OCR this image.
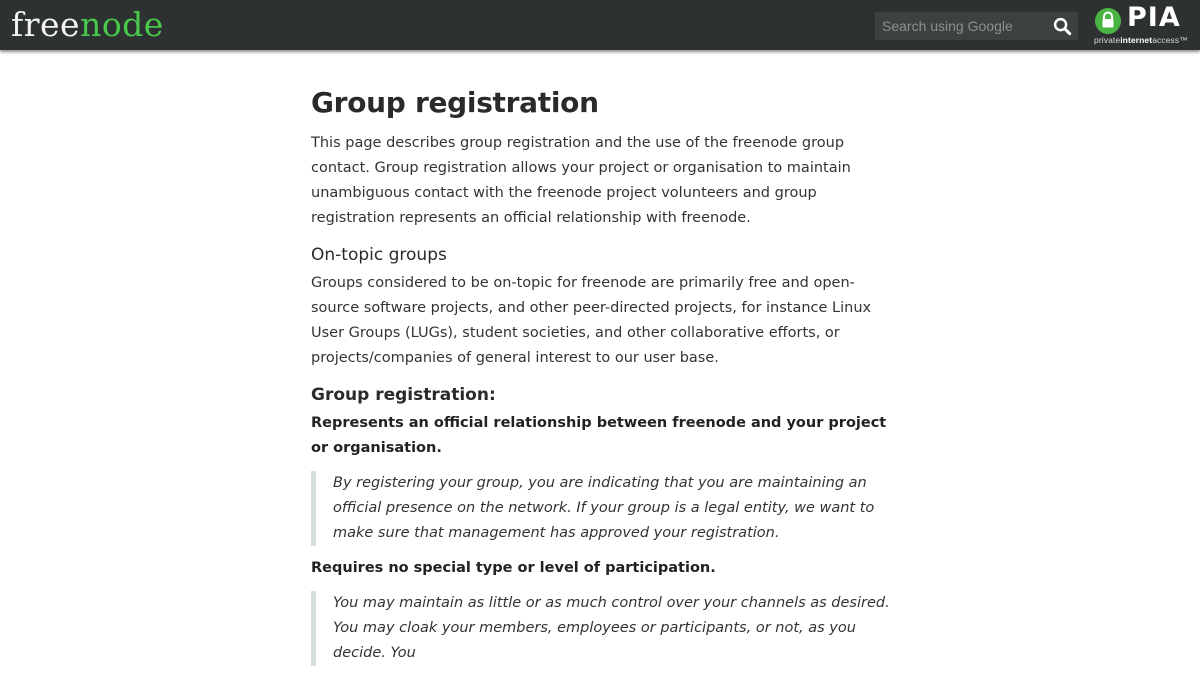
freenode
Search using Google	PIA
privateinternetaccess™
Group registration

This page describes group registration and the use of the freenode group contact. Group registration allows your project or organisation to maintain unambiguous contact with the freenode project volunteers and group registration represents an official relationship with freenode.

On-topic groups

Groups considered to be on-topic for freenode are primarily free and open-source software projects, and other peer-directed projects, for instance Linux User Groups (LUGs), student societies, and other collaborative efforts, or projects/companies of general interest to our user base.

Group registration:

Represents an official relationship between freenode and your project or organisation.

By registering your group, you are indicating that you are maintaining an official presence on the network. If your group is a legal entity, we want to make sure that management has approved your registration.

Requires no special type or level of participation.

You may maintain as little or as much control over your channels as desired. You may cloak your members, employees or participants, or not, as you decide. You
